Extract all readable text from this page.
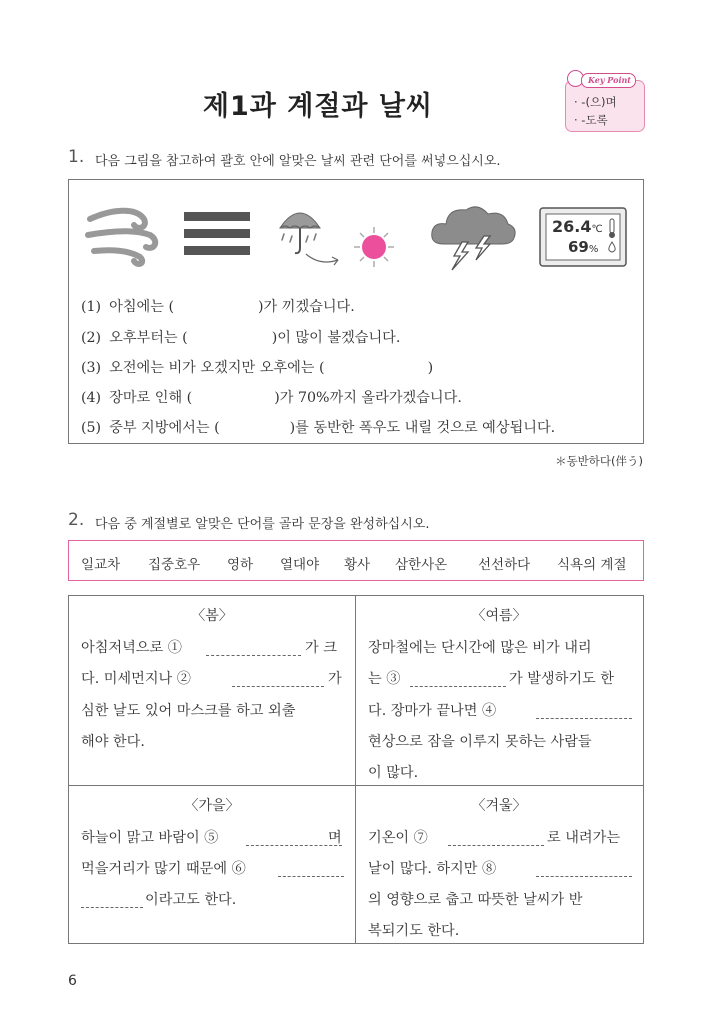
제1과 계절과 날씨
Key Point
· -(으)며
· -도록
1. 다음 그림을 참고하여 괄호 안에 알맞은 날씨 관련 단어를 써넣으십시오.
26.4℃
69%
(1) 아침에는 (	)가 끼겠습니다.
(2) 오후부터는 (	)이 많이 불겠습니다.
(3) 오전에는 비가 오겠지만 오후에는 (	)
(4) 장마로 인해 (	)가 70%까지 올라가겠습니다.
(5) 중부 지방에서는 (	)를 동반한 폭우도 내릴 것으로 예상됩니다.
＊동반하다(伴う)
2. 다음 중 계절별로 알맞은 단어를 골라 문장을 완성하십시오.
일교차 집중호우 영하 열대야 황사 삼한사온 선선하다 식욕의 계절
〈봄〉
아침저녁으로 ①	가 크
다. 미세먼지나 ②	가
심한 날도 있어 마스크를 하고 외출
해야 한다.
〈여름〉
장마철에는 단시간에 많은 비가 내리
는 ③	가 발생하기도 한
다. 장마가 끝나면 ④
현상으로 잠을 이루지 못하는 사람들
이 많다.
〈가을〉
하늘이 맑고 바람이 ⑤	며
먹을거리가 많기 때문에 ⑥
이라고도 한다.
〈겨울〉
기온이 ⑦	로 내려가는
날이 많다. 하지만 ⑧
의 영향으로 춥고 따뜻한 날씨가 반
복되기도 한다.
6
